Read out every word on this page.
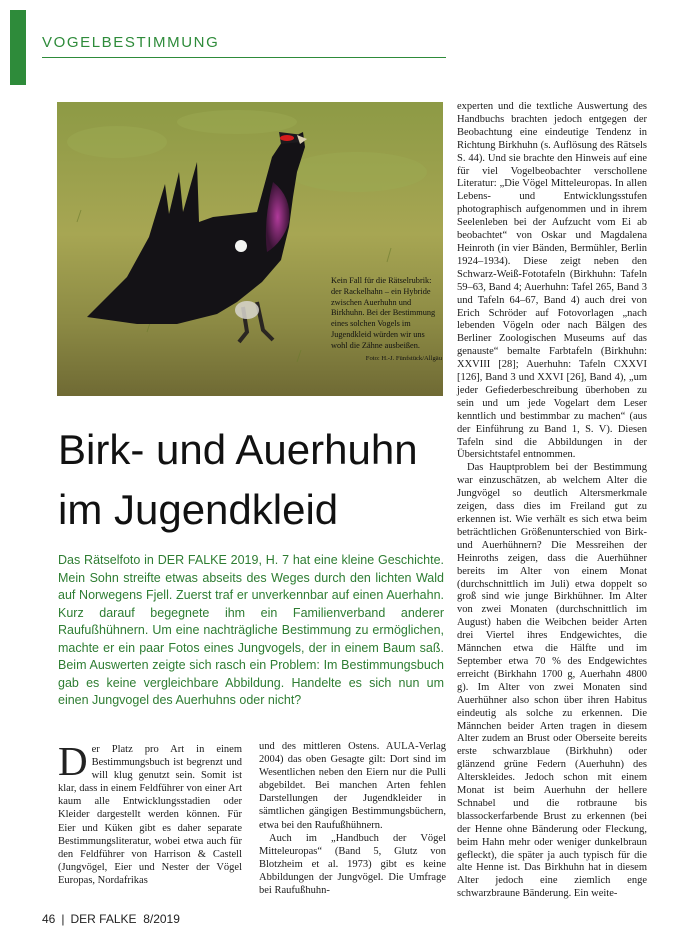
VOGELBESTIMMUNG
Kein Fall für die Rätselrubrik: der Rackelhahn – ein Hybride zwischen Auerhuhn und Birkhuhn. Bei der Bestimmung eines solchen Vogels im Jugendkleid würden wir uns wohl die Zähne ausbeißen.
Foto: H.-J. Fünfstück/Allgäu
Birk- und Auerhuhn
im Jugendkleid

Das Rätselfoto in DER FALKE 2019, H. 7 hat eine kleine Geschichte. Mein Sohn streifte etwas abseits des Weges durch den lichten Wald auf Norwegens Fjell. Zuerst traf er unverkennbar auf einen Auerhahn. Kurz darauf begegnete ihm ein Familienverband anderer Raufußhühnern. Um eine nachträgliche Bestimmung zu ermöglichen, machte er ein paar Fotos eines Jungvogels, der in einem Baum saß. Beim Auswerten zeigte sich rasch ein Problem: Im Bestimmungsbuch gab es keine vergleichbare Abbildung. Handelte es sich nun um einen Jungvogel des Auerhuhns oder nicht?

Der Platz pro Art in einem Bestimmungsbuch ist begrenzt und will klug genutzt sein. Somit ist klar, dass in einem Feldführer von einer Art kaum alle Entwicklungsstadien oder Kleider dargestellt werden können. Für Eier und Küken gibt es daher separate Bestimmungsliteratur, wobei etwa auch für den Feldführer von Harrison & Castell (Jungvögel, Eier und Nester der Vögel Europas, Nordafrikas

und des mittleren Ostens. AULA-Verlag 2004) das oben Gesagte gilt: Dort sind im Wesentlichen neben den Eiern nur die Pulli abgebildet. Bei manchen Arten fehlen Darstellungen der Jugendkleider in sämtlichen gängigen Bestimmungsbüchern, etwa bei den Raufußhühnern.

Auch im „Handbuch der Vögel Mitteleuropas“ (Band 5, Glutz von Blotzheim et al. 1973) gibt es keine Abbildungen der Jungvögel. Die Umfrage bei Raufußhuhn-

experten und die textliche Auswertung des Handbuchs brachten jedoch entgegen der Beobachtung eine eindeutige Tendenz in Richtung Birkhuhn (s. Auflösung des Rätsels S. 44). Und sie brachte den Hinweis auf eine für viel Vogelbeobachter verschollene Literatur: „Die Vögel Mitteleuropas. In allen Lebens- und Entwicklungsstufen photographisch aufgenommen und in ihrem Seelenleben bei der Aufzucht vom Ei ab beobachtet“ von Oskar und Magdalena Heinroth (in vier Bänden, Bermühler, Berlin 1924–1934). Diese zeigt neben den Schwarz-Weiß-Fototafeln (Birkhuhn: Tafeln 59–63, Band 4; Auerhuhn: Tafel 265, Band 3 und Tafeln 64–67, Band 4) auch drei von Erich Schröder auf Fotovorlagen „nach lebenden Vögeln oder nach Bälgen des Berliner Zoologischen Museums auf das genauste“ bemalte Farbtafeln (Birkhuhn: XXVIII [28]; Auerhuhn: Tafeln CXXVI [126], Band 3 und XXVI [26], Band 4), „um jeder Gefiederbeschreibung überhoben zu sein und um jede Vogelart dem Leser kenntlich und bestimmbar zu machen“ (aus der Einführung zu Band 1, S. V). Diesen Tafeln sind die Abbildungen in der Übersichtstafel entnommen.

Das Hauptproblem bei der Bestimmung war einzuschätzen, ab welchem Alter die Jungvögel so deutlich Altersmerkmale zeigen, dass dies im Freiland gut zu erkennen ist. Wie verhält es sich etwa beim beträchtlichen Größenunterschied von Birk- und Auerhühnern? Die Messreihen der Heinroths zeigen, dass die Auerhühner bereits im Alter von einem Monat (durchschnittlich im Juli) etwa doppelt so groß sind wie junge Birkhühner. Im Alter von zwei Monaten (durchschnittlich im August) haben die Weibchen beider Arten drei Viertel ihres Endgewichtes, die Männchen etwa die Hälfte und im September etwa 70 % des Endgewichtes erreicht (Birkhahn 1700 g, Auerhahn 4800 g). Im Alter von zwei Monaten sind Auerhühner also schon über ihren Habitus eindeutig als solche zu erkennen. Die Männchen beider Arten tragen in diesem Alter zudem an Brust oder Oberseite bereits erste schwarzblaue (Birkhuhn) oder glänzend grüne Federn (Auerhuhn) des Alterskleides. Jedoch schon mit einem Monat ist beim Auerhuhn der hellere Schnabel und die rotbraune bis blassockerfarbende Brust zu erkennen (bei der Henne ohne Bänderung oder Fleckung, beim Hahn mehr oder weniger dunkelbraun gefleckt), die später ja auch typisch für die alte Henne ist. Das Birkhuhn hat in diesem Alter jedoch eine ziemlich enge schwarzbraune Bänderung. Ein weite-

46 | DER FALKE 8/2019
